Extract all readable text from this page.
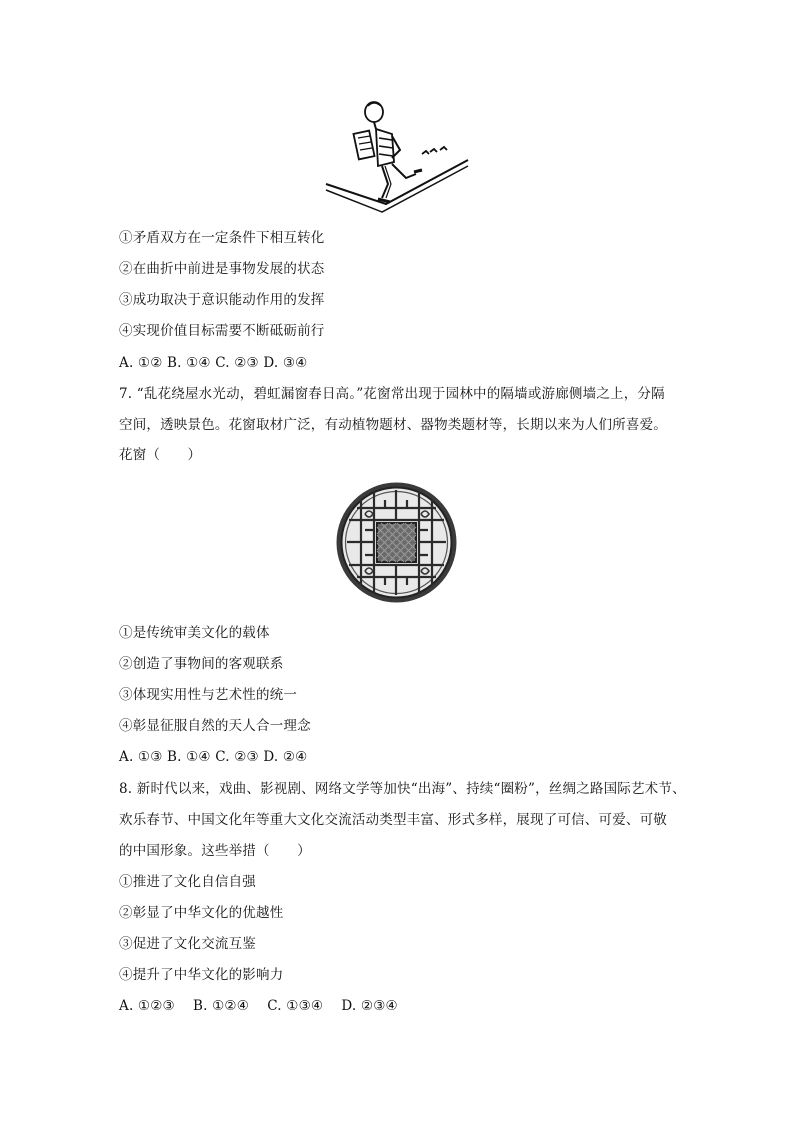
①矛盾双方在一定条件下相互转化
②在曲折中前进是事物发展的状态
③成功取决于意识能动作用的发挥
④实现价值目标需要不断砥砺前行
A. ①② B. ①④ C. ②③ D. ③④
7. “乱花绕屋水光动，碧虹漏窗春日高。”花窗常出现于园林中的隔墙或游廊侧墙之上，分隔
空间，透映景色。花窗取材广泛，有动植物题材、器物类题材等，长期以来为人们所喜爱。
花窗（　　）
①是传统审美文化的载体
②创造了事物间的客观联系
③体现实用性与艺术性的统一
④彰显征服自然的天人合一理念
A. ①③ B. ①④ C. ②③ D. ②④
8. 新时代以来，戏曲、影视剧、网络文学等加快“出海”、持续“圈粉”，丝绸之路国际艺术节、
欢乐春节、中国文化年等重大文化交流活动类型丰富、形式多样，展现了可信、可爱、可敬
的中国形象。这些举措（　　）
①推进了文化自信自强
②彰显了中华文化的优越性
③促进了文化交流互鉴
④提升了中华文化的影响力
A. ①②③　 B. ①②④　 C. ①③④　 D. ②③④
